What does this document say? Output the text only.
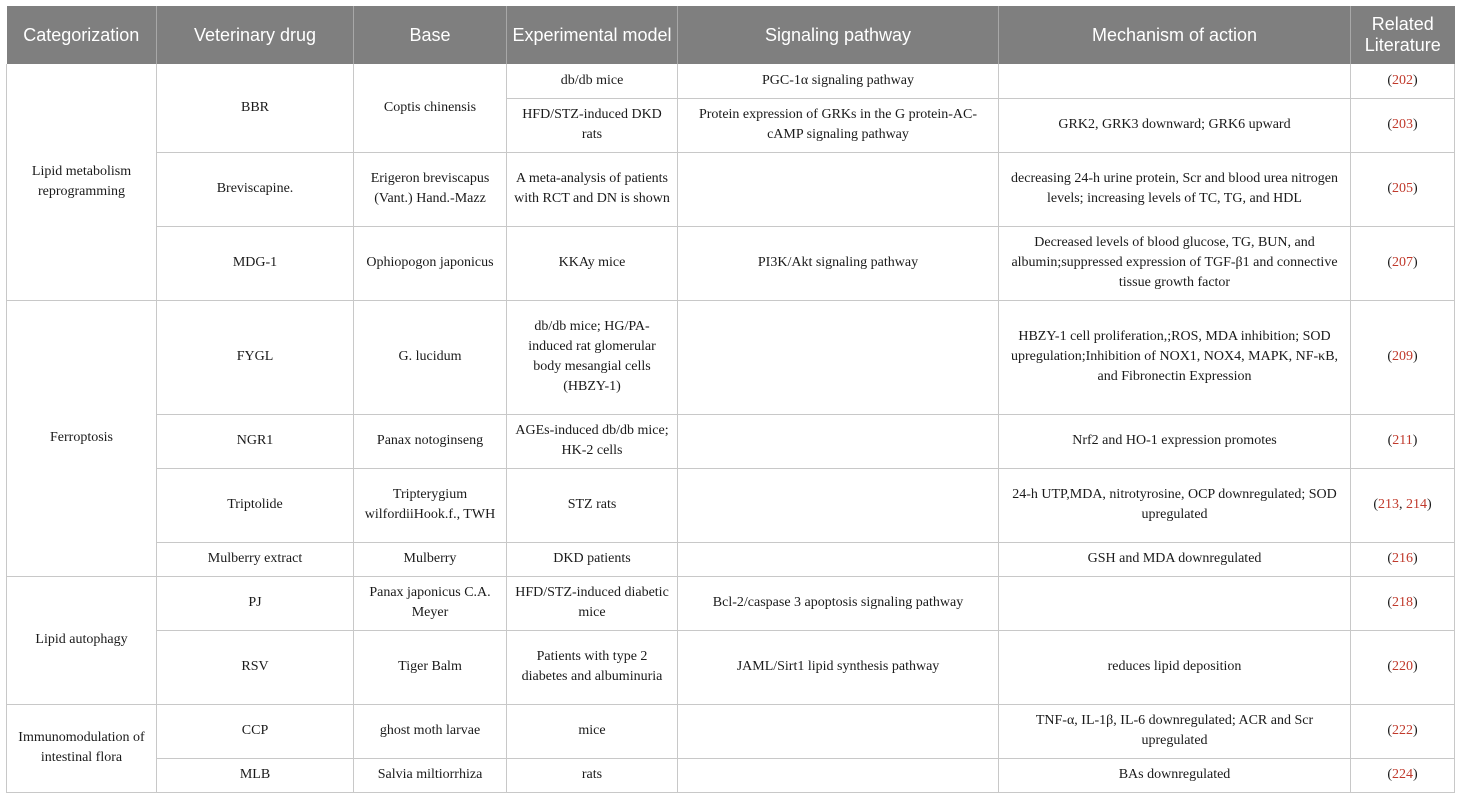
Categorization	Veterinary drug	Base	Experimental model	Signaling pathway	Mechanism of action	Related Literature
Lipid metabolism reprogramming	BBR	Coptis chinensis	db/db mice	PGC-1α signaling pathway		(202)
			HFD/STZ-induced DKD rats	Protein expression of GRKs in the G protein-AC-cAMP signaling pathway	GRK2, GRK3 downward; GRK6 upward	(203)
	Breviscapine.	Erigeron breviscapus (Vant.) Hand.-Mazz	A meta-analysis of patients with RCT and DN is shown		decreasing 24-h urine protein, Scr and blood urea nitrogen levels; increasing levels of TC, TG, and HDL	(205)
	MDG-1	Ophiopogon japonicus	KKAy mice	PI3K/Akt signaling pathway	Decreased levels of blood glucose, TG, BUN, and albumin;suppressed expression of TGF-β1 and connective tissue growth factor	(207)
Ferroptosis	FYGL	G. lucidum	db/db mice; HG/PA-induced rat glomerular body mesangial cells (HBZY-1)		HBZY-1 cell proliferation,;ROS, MDA inhibition; SOD upregulation;Inhibition of NOX1, NOX4, MAPK, NF-κB, and Fibronectin Expression	(209)
	NGR1	Panax notoginseng	AGEs-induced db/db mice; HK-2 cells		Nrf2 and HO-1 expression promotes	(211)
	Triptolide	Tripterygium wilfordiiHook.f., TWH	STZ rats		24-h UTP,MDA, nitrotyrosine, OCP downregulated; SOD upregulated	(213, 214)
	Mulberry extract	Mulberry	DKD patients		GSH and MDA downregulated	(216)
Lipid autophagy	PJ	Panax japonicus C.A. Meyer	HFD/STZ-induced diabetic mice	Bcl-2/caspase 3 apoptosis signaling pathway		(218)
	RSV	Tiger Balm	Patients with type 2 diabetes and albuminuria	JAML/Sirt1 lipid synthesis pathway	reduces lipid deposition	(220)
Immunomodulation of intestinal flora	CCP	ghost moth larvae	mice		TNF-α, IL-1β, IL-6 downregulated; ACR and Scr upregulated	(222)
	MLB	Salvia miltiorrhiza	rats		BAs downregulated	(224)
